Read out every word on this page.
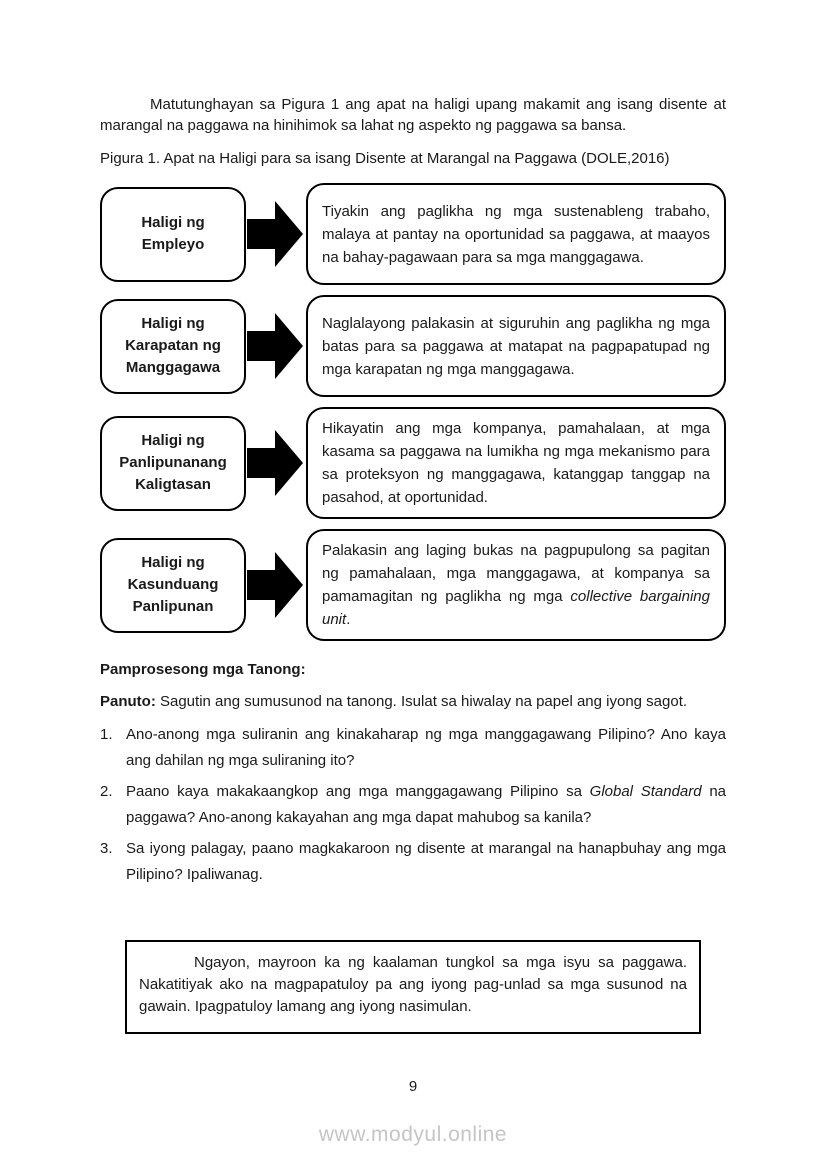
Matutunghayan sa Pigura 1 ang apat na haligi upang makamit ang isang disente at marangal na paggawa na hinihimok sa lahat ng aspekto ng paggawa sa bansa.

Pigura 1. Apat na Haligi para sa isang Disente at Marangal na Paggawa (DOLE,2016)

Haligi ng Empleyo

Tiyakin ang paglikha ng mga sustenableng trabaho, malaya at pantay na oportunidad sa paggawa, at maayos na bahay-pagawaan para sa mga manggagawa.

Haligi ng Karapatan ng Manggagawa

Naglalayong palakasin at siguruhin ang paglikha ng mga batas para sa paggawa at matapat na pagpapatupad ng mga karapatan ng mga manggagawa.

Haligi ng Panlipunanang Kaligtasan

Hikayatin ang mga kompanya, pamahalaan, at mga kasama sa paggawa na lumikha ng mga mekanismo para sa proteksyon ng manggagawa, katanggap tanggap na pasahod, at oportunidad.

Haligi ng Kasunduang Panlipunan

Palakasin ang laging bukas na pagpupulong sa pagitan ng pamahalaan, mga manggagawa, at kompanya sa pamamagitan ng paglikha ng mga collective bargaining unit.

Pamprosesong mga Tanong:

Panuto: Sagutin ang sumusunod na tanong. Isulat sa hiwalay na papel ang iyong sagot.

1. Ano-anong mga suliranin ang kinakaharap ng mga manggagawang Pilipino? Ano kaya ang dahilan ng mga suliraning ito?
2. Paano kaya makakaangkop ang mga manggagawang Pilipino sa Global Standard na paggawa? Ano-anong kakayahan ang mga dapat mahubog sa kanila?
3. Sa iyong palagay, paano magkakaroon ng disente at marangal na hanapbuhay ang mga Pilipino? Ipaliwanag.

Ngayon, mayroon ka ng kaalaman tungkol sa mga isyu sa paggawa. Nakatitiyak ako na magpapatuloy pa ang iyong pag-unlad sa mga susunod na gawain. Ipagpatuloy lamang ang iyong nasimulan.

9
www.modyul.online
